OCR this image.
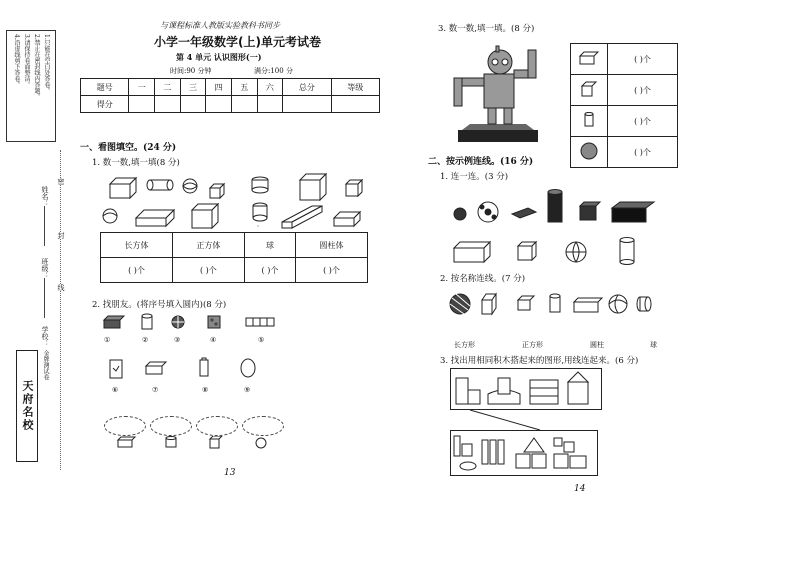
1.只能在空白处答卷。
2.禁止在密封线内答题。
3.请保持卷面整洁。
4.沿虚线剪下答卷。
密
封
线
姓名：
班级：
学校：
天府名校
金牌测试卷
与课程标准人教版实验教科书同步
小学一年级数学(上)单元考试卷
第 4 单元 认识图形(一)
时间:90 分钟	满分:100 分
题号	一	二	三	四	五	六	总分	等级
得分								
一、看图填空。(24 分)
1. 数一数,填一填(8 分)
长方体	正方体	球	圆柱体
( )个	( )个	( )个	( )个
2. 找朋友。(将序号填入圆内)(8 分)
①	②	③	④	⑤
⑥	⑦	⑧	⑨
13
3. 数一数,填一填。(8 分)
	( )个
	( )个
	( )个
	( )个
二、按示例连线。(16 分)
1. 连一连。(3 分)
2. 按名称连线。(7 分)
长方形	正方形	圆柱	球
3. 找出用相同积木搭起来的图形,用线连起来。(6 分)
14
